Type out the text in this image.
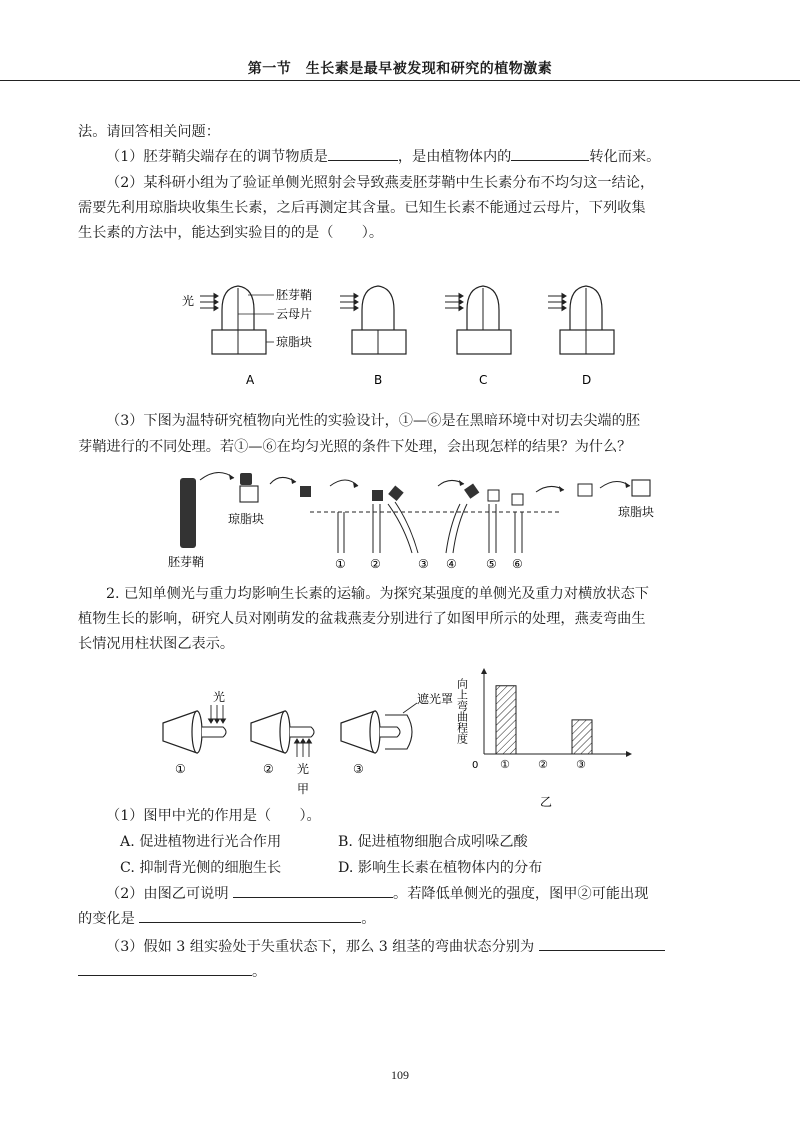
第一节　生长素是最早被发现和研究的植物激素

法。请回答相关问题：

（1）胚芽鞘尖端存在的调节物质是	，是由植物体内的	转化而来。

（2）某科研小组为了验证单侧光照射会导致燕麦胚芽鞘中生长素分布不均匀这一结论，

需要先利用琼脂块收集生长素，之后再测定其含量。已知生长素不能通过云母片，下列收集

生长素的方法中，能达到实验目的的是（　　）。

光	胚芽鞘
云母片
琼脂块
A	B	C	D

（3）下图为温特研究植物向光性的实验设计，①—⑥是在黑暗环境中对切去尖端的胚

芽鞘进行的不同处理。若①—⑥在均匀光照的条件下处理，会出现怎样的结果？为什么？

胚芽鞘
琼脂块	琼脂块
① ②	③ ④ ⑤ ⑥

2. 已知单侧光与重力均影响生长素的运输。为探究某强度的单侧光及重力对横放状态下

植物生长的影响，研究人员对刚萌发的盆栽燕麦分别进行了如图甲所示的处理，燕麦弯曲生

长情况用柱状图乙表示。

光
①	光
②
遮光罩
③
甲
向上弯曲程度
0 ①	②	③
乙

（1）图甲中光的作用是（　　）。

A. 促进植物进行光合作用	B. 促进植物细胞合成吲哚乙酸

C. 抑制背光侧的细胞生长	D. 影响生长素在植物体内的分布

（2）由图乙可说明	。若降低单侧光的强度，图甲②可能出现

的变化是	。

（3）假如 3 组实验处于失重状态下，那么 3 组茎的弯曲状态分别为

。

109
